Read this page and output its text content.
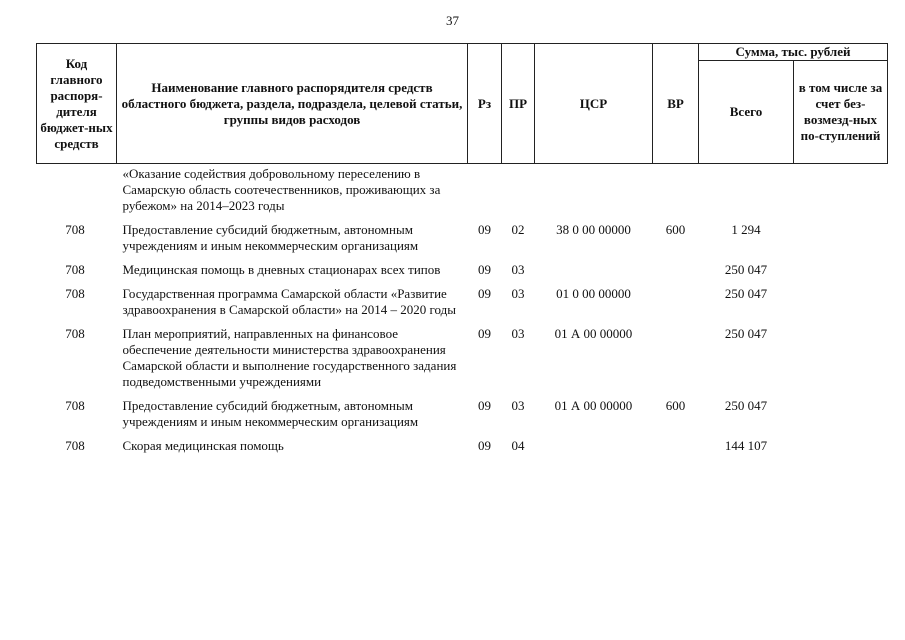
37
Код главного распоря-дителя бюджет-ных средств	Наименование главного распорядителя средств областного бюджета, раздела, подраздела, целевой статьи, группы видов расходов	Рз	ПР	ЦСР	ВР	Сумма, тыс. рублей	
						Всего	в том числе за счет без-возмезд-ных по-ступлений
	«Оказание содействия добровольному переселению в Самарскую область соотечественников, проживающих за рубежом» на 2014–2023 годы						
708	Предоставление субсидий бюджетным, автономным учреждениям и иным некоммерческим организациям	09	02	38 0 00 00000	600	1 294	
708	Медицинская помощь в дневных стационарах всех типов	09	03			250 047	
708	Государственная программа Самарской области «Развитие здравоохранения в Самарской области» на 2014 – 2020 годы	09	03	01 0 00 00000		250 047	
708	План мероприятий, направленных на финансовое обеспечение деятельности министерства здравоохранения Самарской области и выполнение государственного задания подведомственными учреждениями	09	03	01 А 00 00000		250 047	
708	Предоставление субсидий бюджетным, автономным учреждениям и иным некоммерческим организациям	09	03	01 А 00 00000	600	250 047	
708	Скорая медицинская помощь	09	04			144 107	
